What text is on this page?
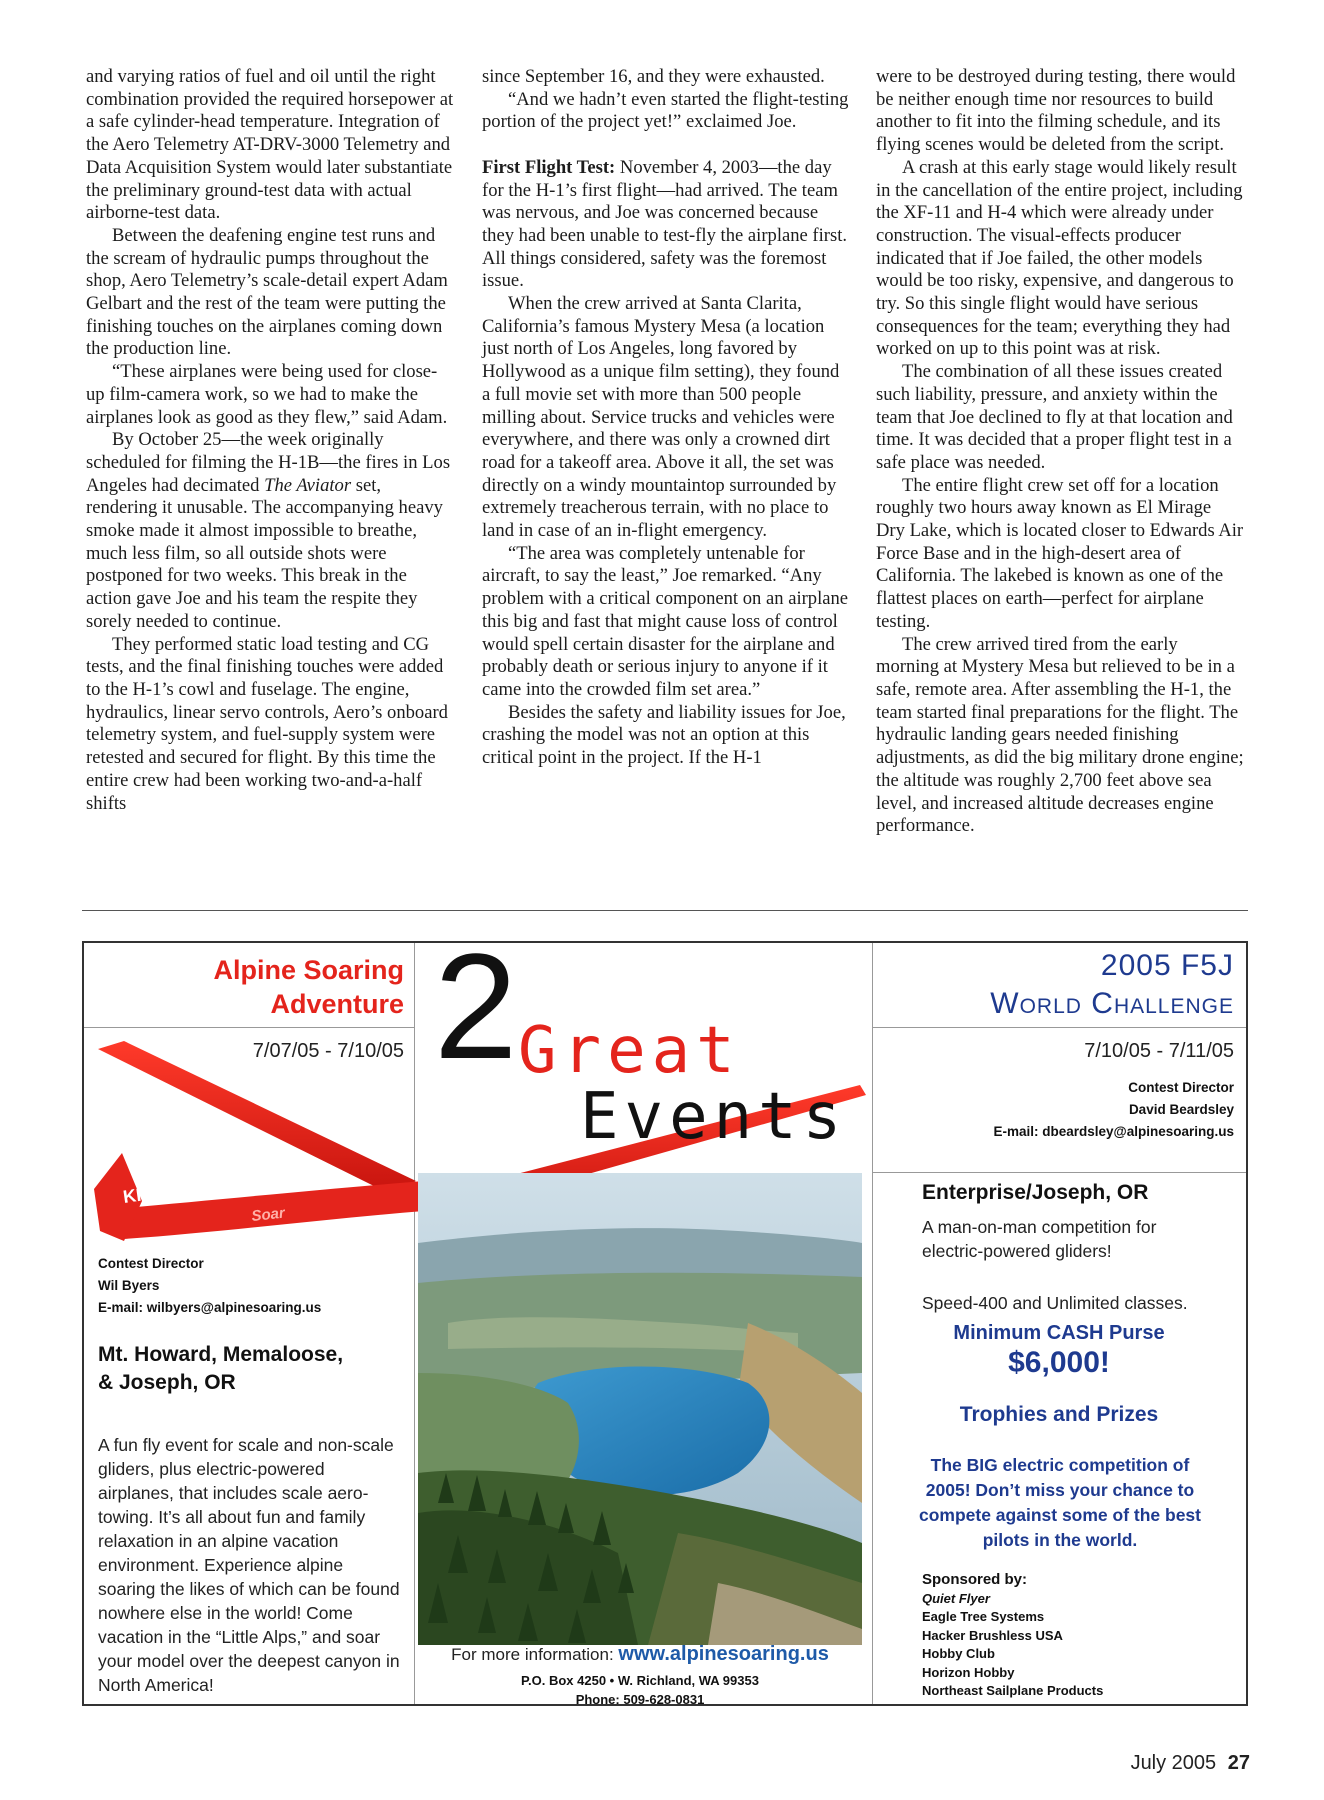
and varying ratios of fuel and oil until the right combination provided the required horsepower at a safe cylinder-head temperature. Integration of the Aero Telemetry AT-DRV-3000 Telemetry and Data Acquisition System would later substantiate the preliminary ground-test data with actual airborne-test data.

Between the deafening engine test runs and the scream of hydraulic pumps throughout the shop, Aero Telemetry’s scale-detail expert Adam Gelbart and the rest of the team were putting the finishing touches on the airplanes coming down the production line.

“These airplanes were being used for close-up film-camera work, so we had to make the airplanes look as good as they flew,” said Adam.

By October 25—the week originally scheduled for filming the H-1B—the fires in Los Angeles had decimated The Aviator set, rendering it unusable. The accompanying heavy smoke made it almost impossible to breathe, much less film, so all outside shots were postponed for two weeks. This break in the action gave Joe and his team the respite they sorely needed to continue.

They performed static load testing and CG tests, and the final finishing touches were added to the H-1’s cowl and fuselage. The engine, hydraulics, linear servo controls, Aero’s onboard telemetry system, and fuel-supply system were retested and secured for flight. By this time the entire crew had been working two-and-a-half shifts

since September 16, and they were exhausted.

“And we hadn’t even started the flight-testing portion of the project yet!” exclaimed Joe.

First Flight Test: November 4, 2003—the day for the H-1’s first flight—had arrived. The team was nervous, and Joe was concerned because they had been unable to test-fly the airplane first. All things considered, safety was the foremost issue.

When the crew arrived at Santa Clarita, California’s famous Mystery Mesa (a location just north of Los Angeles, long favored by Hollywood as a unique film setting), they found a full movie set with more than 500 people milling about. Service trucks and vehicles were everywhere, and there was only a crowned dirt road for a takeoff area. Above it all, the set was directly on a windy mountaintop surrounded by extremely treacherous terrain, with no place to land in case of an in-flight emergency.

“The area was completely untenable for aircraft, to say the least,” Joe remarked. “Any problem with a critical component on an airplane this big and fast that might cause loss of control would spell certain disaster for the airplane and probably death or serious injury to anyone if it came into the crowded film set area.”

Besides the safety and liability issues for Joe, crashing the model was not an option at this critical point in the project. If the H-1

were to be destroyed during testing, there would be neither enough time nor resources to build another to fit into the filming schedule, and its flying scenes would be deleted from the script.

A crash at this early stage would likely result in the cancellation of the entire project, including the XF-11 and H-4 which were already under construction. The visual-effects producer indicated that if Joe failed, the other models would be too risky, expensive, and dangerous to try. So this single flight would have serious consequences for the team; everything they had worked on up to this point was at risk.

The combination of all these issues created such liability, pressure, and anxiety within the team that Joe declined to fly at that location and time. It was decided that a proper flight test in a safe place was needed.

The entire flight crew set off for a location roughly two hours away known as El Mirage Dry Lake, which is located closer to Edwards Air Force Base and in the high-desert area of California. The lakebed is known as one of the flattest places on earth—perfect for airplane testing.

The crew arrived tired from the early morning at Mystery Mesa but relieved to be in a safe, remote area. After assembling the H-1, the team started final preparations for the flight. The hydraulic landing gears needed finishing adjustments, as did the big military drone engine; the altitude was roughly 2,700 feet above sea level, and increased altitude decreases engine performance.

Alpine Soaring
Adventure
7/07/05 - 7/10/05
KP
Soar
Contest Director
Wil Byers
E-mail: wilbyers@alpinesoaring.us
Mt. Howard, Memaloose,
& Joseph, OR
A fun fly event for scale and non-scale gliders, plus electric-powered airplanes, that includes scale aero-towing. It’s all about fun and family relaxation in an alpine vacation environment. Experience alpine soaring the likes of which can be found nowhere else in the world! Come vacation in the “Little Alps,” and soar your model over the deepest canyon in North America!
2 Great
Events
For more information: www.alpinesoaring.us
P.O. Box 4250 • W. Richland, WA 99353
Phone: 509-628-0831
2005 F5J
World Challenge
7/10/05 - 7/11/05
Contest Director
David Beardsley
E-mail: dbeardsley@alpinesoaring.us
Enterprise/Joseph, OR
A man-on-man competition for electric-powered gliders!
Speed-400 and Unlimited classes.
Minimum CASH Purse
$6,000!
Trophies and Prizes
The BIG electric competition of 2005! Don’t miss your chance to compete against some of the best pilots in the world.
Sponsored by:
Quiet Flyer
Eagle Tree Systems
Hacker Brushless USA
Hobby Club
Horizon Hobby
Northeast Sailplane Products
July 2005 27
